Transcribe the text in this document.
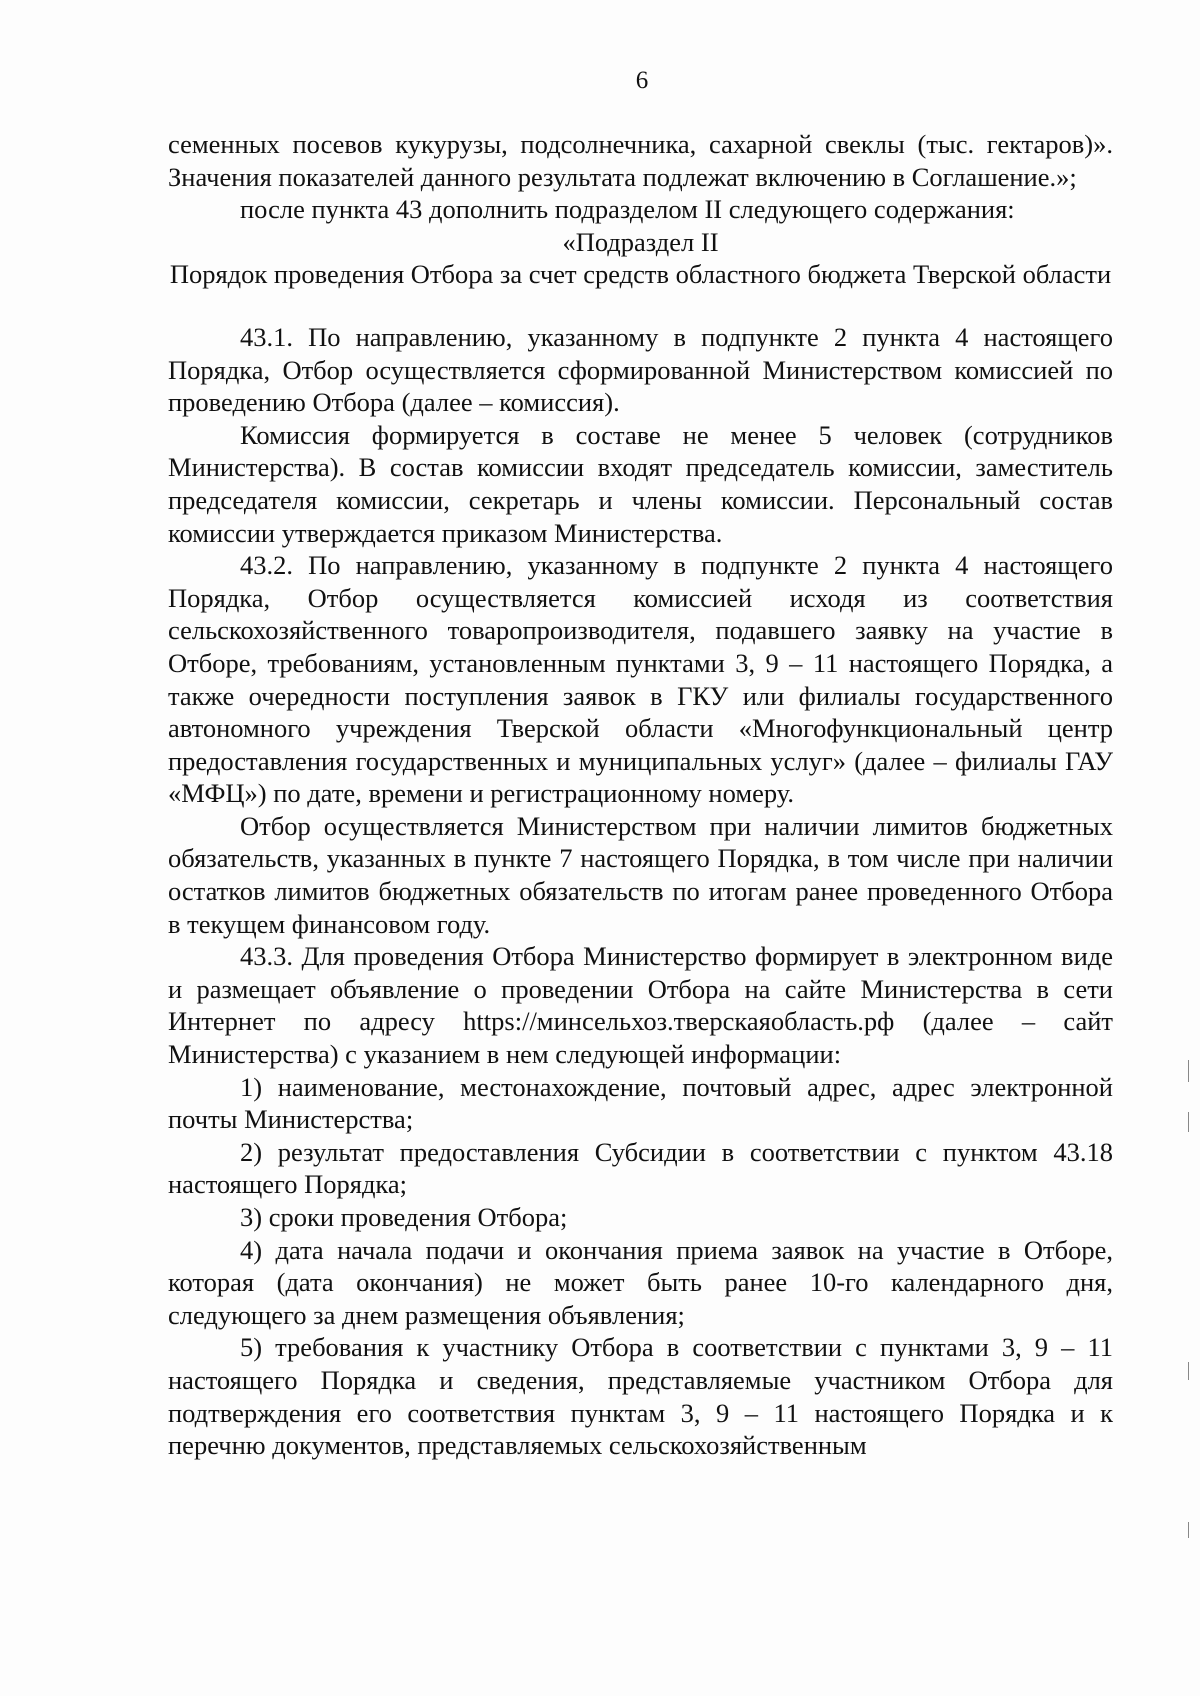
6

семенных посевов кукурузы, подсолнечника, сахарной свеклы (тыс. гектаров)». Значения показателей данного результата подлежат включению в Соглашение.»;

после пункта 43 дополнить подразделом II следующего содержания:

«Подраздел II

Порядок проведения Отбора за счет средств областного бюджета Тверской области

43.1. По направлению, указанному в подпункте 2 пункта 4 настоящего Порядка, Отбор осуществляется сформированной Министерством комиссией по проведению Отбора (далее – комиссия).

Комиссия формируется в составе не менее 5 человек (сотрудников Министерства). В состав комиссии входят председатель комиссии, заместитель председателя комиссии, секретарь и члены комиссии. Персональный состав комиссии утверждается приказом Министерства.

43.2. По направлению, указанному в подпункте 2 пункта 4 настоящего Порядка, Отбор осуществляется комиссией исходя из соответствия сельскохозяйственного товаропроизводителя, подавшего заявку на участие в Отборе, требованиям, установленным пунктами 3, 9 – 11 настоящего Порядка, а также очередности поступления заявок в ГКУ или филиалы государственного автономного учреждения Тверской области «Многофункциональный центр предоставления государственных и муниципальных услуг» (далее – филиалы ГАУ «МФЦ») по дате, времени и регистрационному номеру.

Отбор осуществляется Министерством при наличии лимитов бюджетных обязательств, указанных в пункте 7 настоящего Порядка, в том числе при наличии остатков лимитов бюджетных обязательств по итогам ранее проведенного Отбора в текущем финансовом году.

43.3. Для проведения Отбора Министерство формирует в электронном виде и размещает объявление о проведении Отбора на сайте Министерства в сети Интернет по адресу https://минсельхоз.тверскаяобласть.рф (далее – сайт Министерства) с указанием в нем следующей информации:

1) наименование, местонахождение, почтовый адрес, адрес электронной почты Министерства;

2) результат предоставления Субсидии в соответствии с пунктом 43.18 настоящего Порядка;

3) сроки проведения Отбора;

4) дата начала подачи и окончания приема заявок на участие в Отборе, которая (дата окончания) не может быть ранее 10-го календарного дня, следующего за днем размещения объявления;

5) требования к участнику Отбора в соответствии с пунктами 3, 9 – 11 настоящего Порядка и сведения, представляемые участником Отбора для подтверждения его соответствия пунктам 3, 9 – 11 настоящего Порядка и к перечню документов, представляемых сельскохозяйственным
